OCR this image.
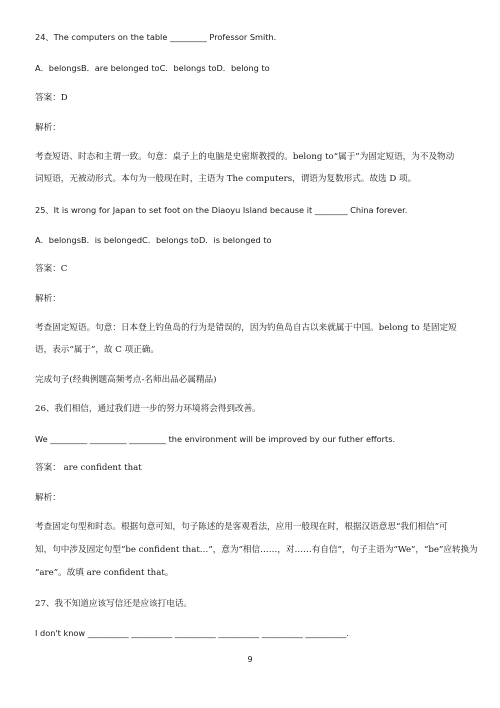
24、The computers on the table _________ Professor Smith.
A．belongsB．are belonged toC．belongs toD．belong to
答案：D
解析：
考查短语、时态和主谓一致。句意：桌子上的电脑是史密斯教授的。belong to“属于”为固定短语，为不及物动
词短语，无被动形式。本句为一般现在时，主语为 The computers，谓语为复数形式。故选 D 项。
25、It is wrong for Japan to set foot on the Diaoyu Island because it ________ China forever.
A．belongsB．is belongedC．belongs toD．is belonged to
答案：C
解析：
考查固定短语。句意：日本登上钓鱼岛的行为是错误的，因为钓鱼岛自古以来就属于中国。belong to 是固定短
语，表示“属于”，故 C 项正确。
完成句子(经典例题高频考点-名师出品必属精品)
26、我们相信，通过我们进一步的努力环境将会得到改善。
We _________ _________ _________ the environment will be improved by our futher efforts.
答案： are confident that
解析：
考查固定句型和时态。根据句意可知，句子陈述的是客观看法，应用一般现在时，根据汉语意思“我们相信”可
知，句中涉及固定句型“be confident that…”，意为“相信……，对……有自信”，句子主语为“We”，“be”应转换为
“are”。故填 are confident that。
27、我不知道应该写信还是应该打电话。
I don't know __________ __________ __________ __________ __________ __________.
9
